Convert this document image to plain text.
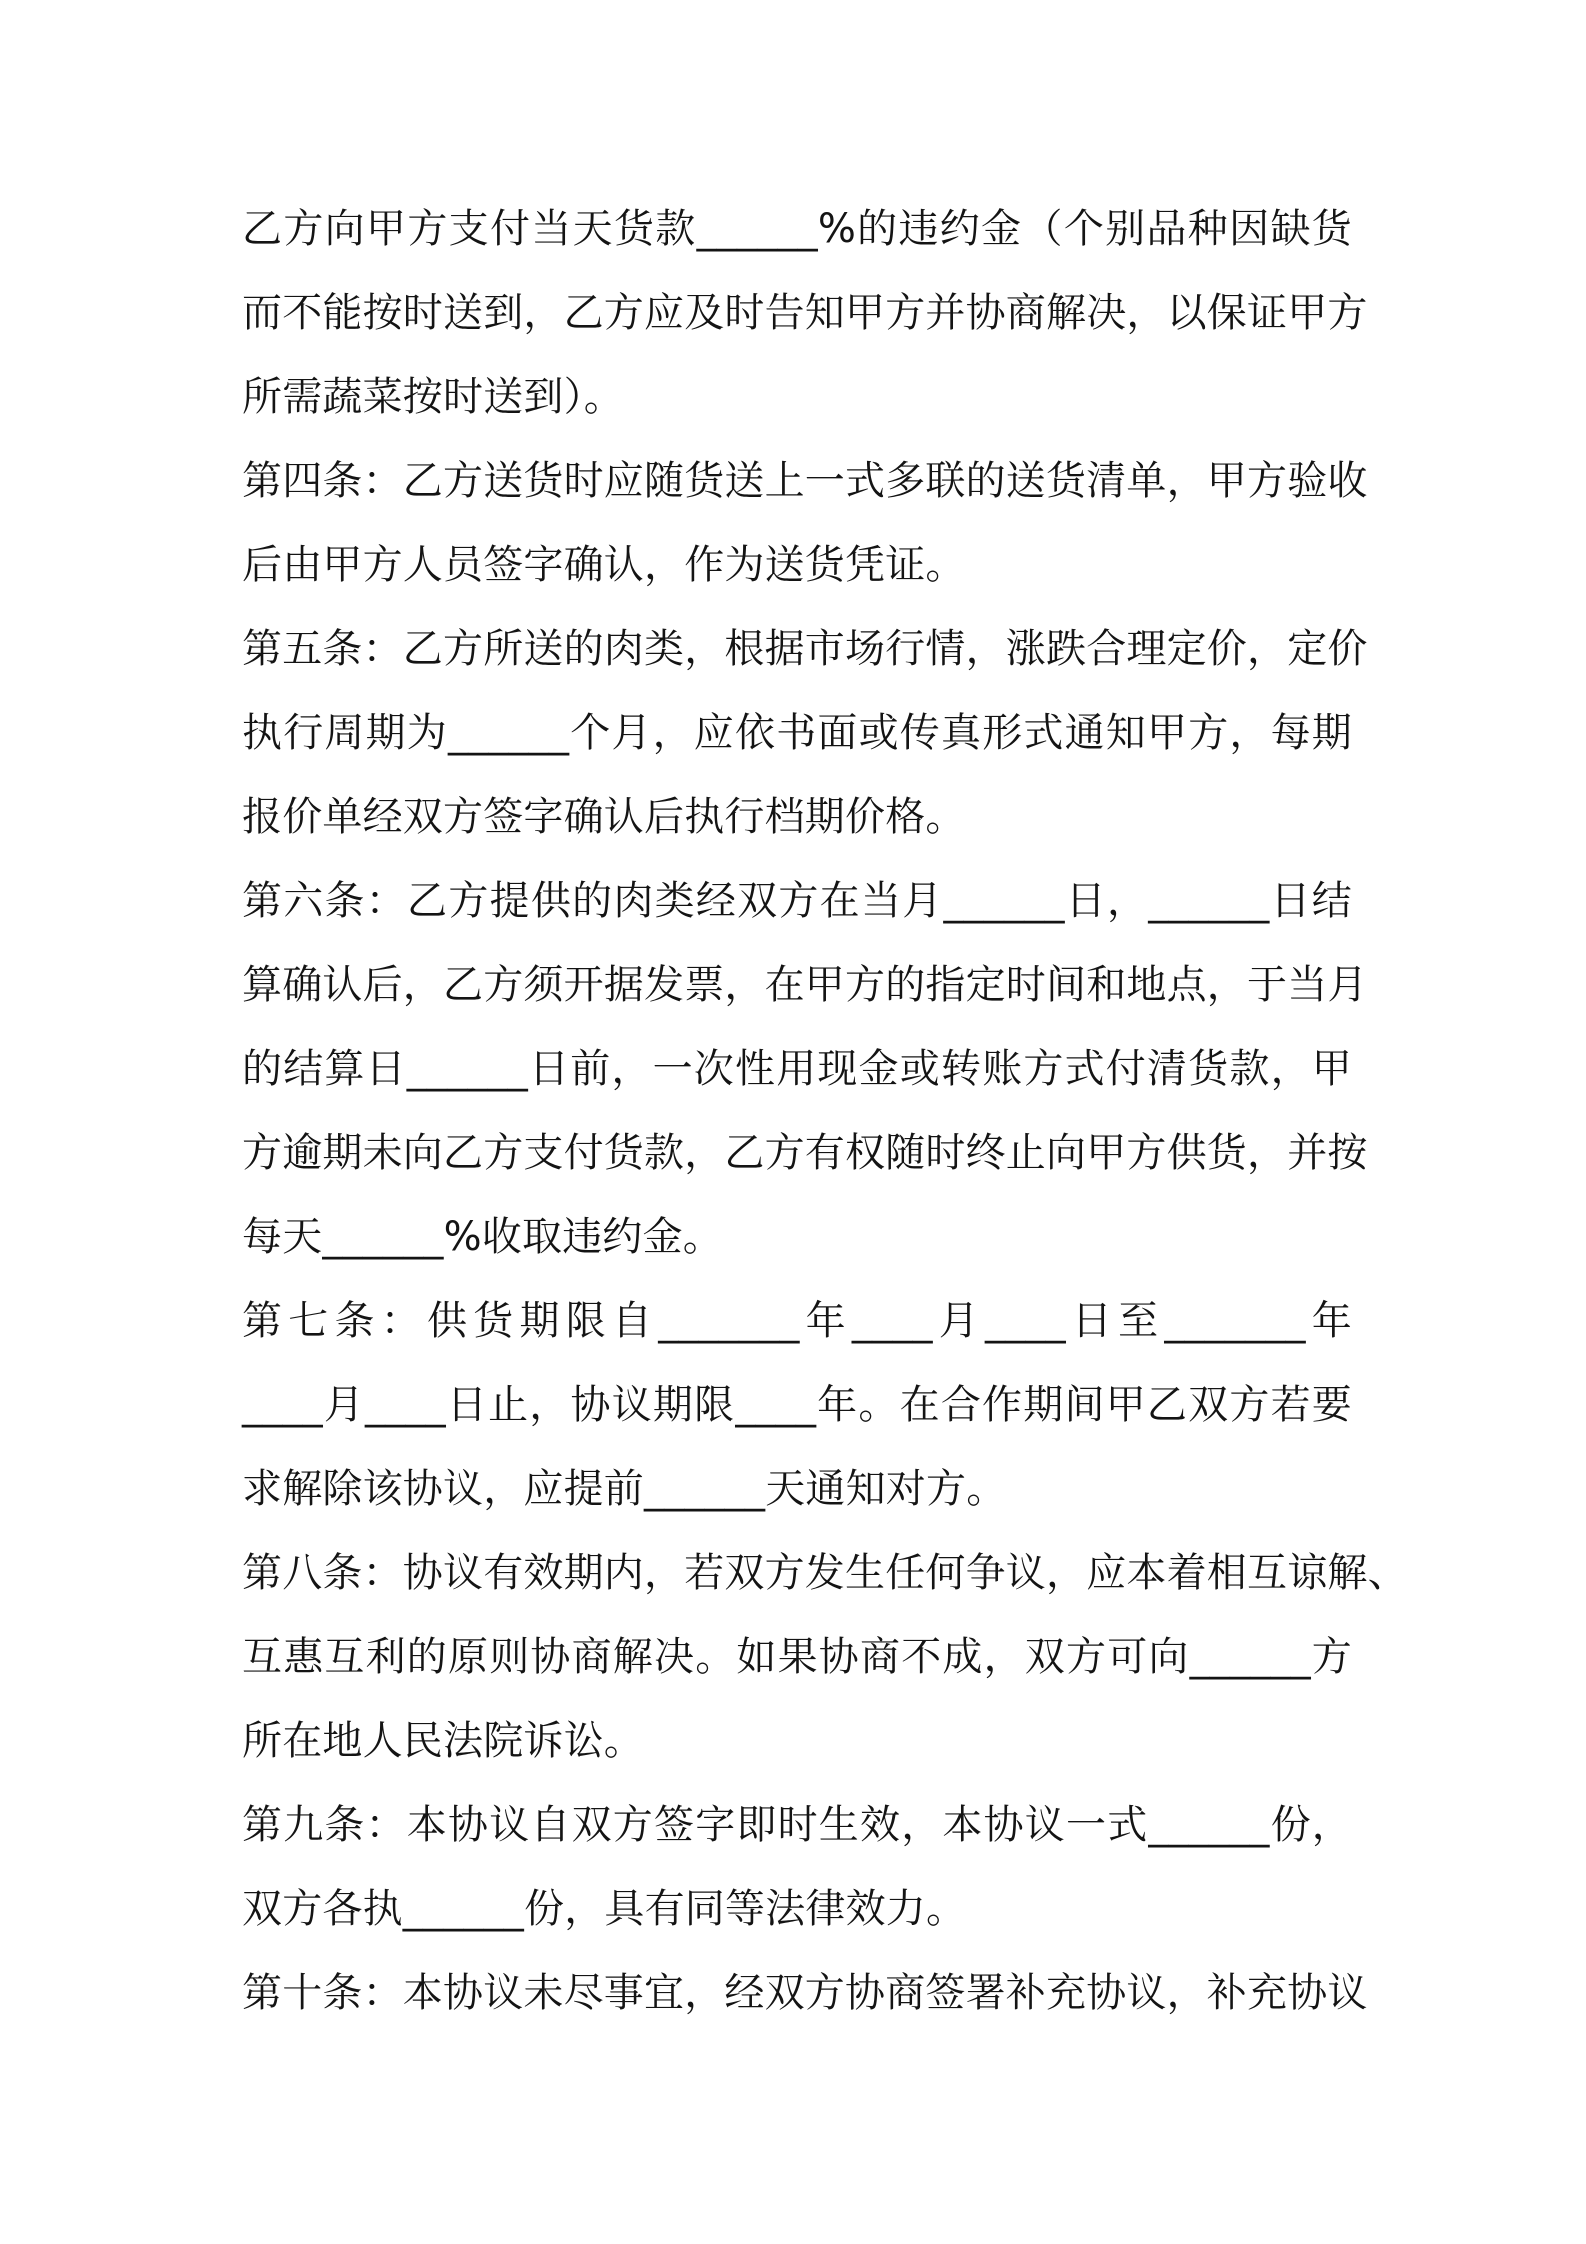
乙方向甲方支付当天货款______%的违约金（个别品种因缺货
而不能按时送到，乙方应及时告知甲方并协商解决，以保证甲方
所需蔬菜按时送到）。
第四条：乙方送货时应随货送上一式多联的送货清单，甲方验收
后由甲方人员签字确认，作为送货凭证。
第五条：乙方所送的肉类，根据市场行情，涨跌合理定价，定价
执行周期为______个月，应依书面或传真形式通知甲方，每期
报价单经双方签字确认后执行档期价格。
第六条：乙方提供的肉类经双方在当月______日，______日结
算确认后，乙方须开据发票，在甲方的指定时间和地点，于当月
的结算日______日前，一次性用现金或转账方式付清货款，甲
方逾期未向乙方支付货款，乙方有权随时终止向甲方供货，并按
每天______%收取违约金。
第七条：供货期限自_______年____月____日至_______年
____月____日止，协议期限____年。在合作期间甲乙双方若要
求解除该协议，应提前______天通知对方。
第八条：协议有效期内，若双方发生任何争议，应本着相互谅解、
互惠互利的原则协商解决。如果协商不成，双方可向______方
所在地人民法院诉讼。
第九条：本协议自双方签字即时生效，本协议一式______份，
双方各执______份，具有同等法律效力。
第十条：本协议未尽事宜，经双方协商签署补充协议，补充协议
